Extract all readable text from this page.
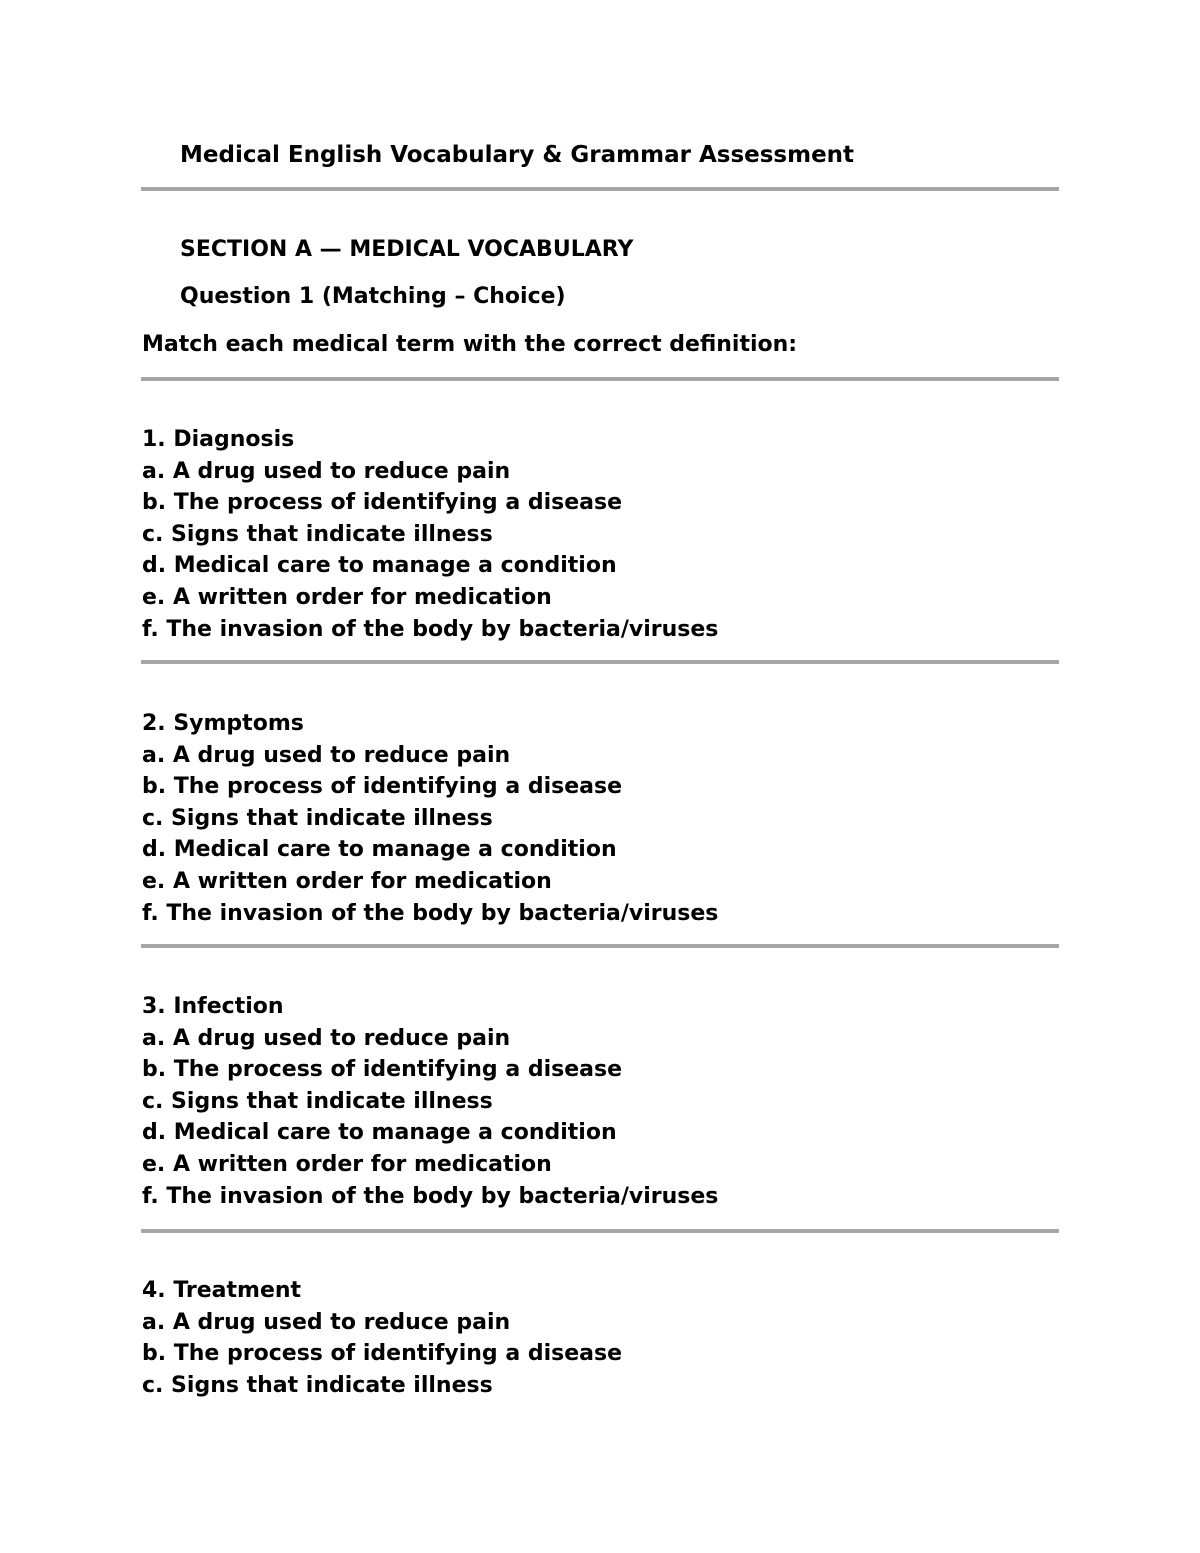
Medical English Vocabulary & Grammar Assessment
SECTION A — MEDICAL VOCABULARY
Question 1 (Matching – Choice)
Match each medical term with the correct definition:
1. Diagnosis
a. A drug used to reduce pain
b. The process of identifying a disease
c. Signs that indicate illness
d. Medical care to manage a condition
e. A written order for medication
f. The invasion of the body by bacteria/viruses
2. Symptoms
a. A drug used to reduce pain
b. The process of identifying a disease
c. Signs that indicate illness
d. Medical care to manage a condition
e. A written order for medication
f. The invasion of the body by bacteria/viruses
3. Infection
a. A drug used to reduce pain
b. The process of identifying a disease
c. Signs that indicate illness
d. Medical care to manage a condition
e. A written order for medication
f. The invasion of the body by bacteria/viruses
4. Treatment
a. A drug used to reduce pain
b. The process of identifying a disease
c. Signs that indicate illness
